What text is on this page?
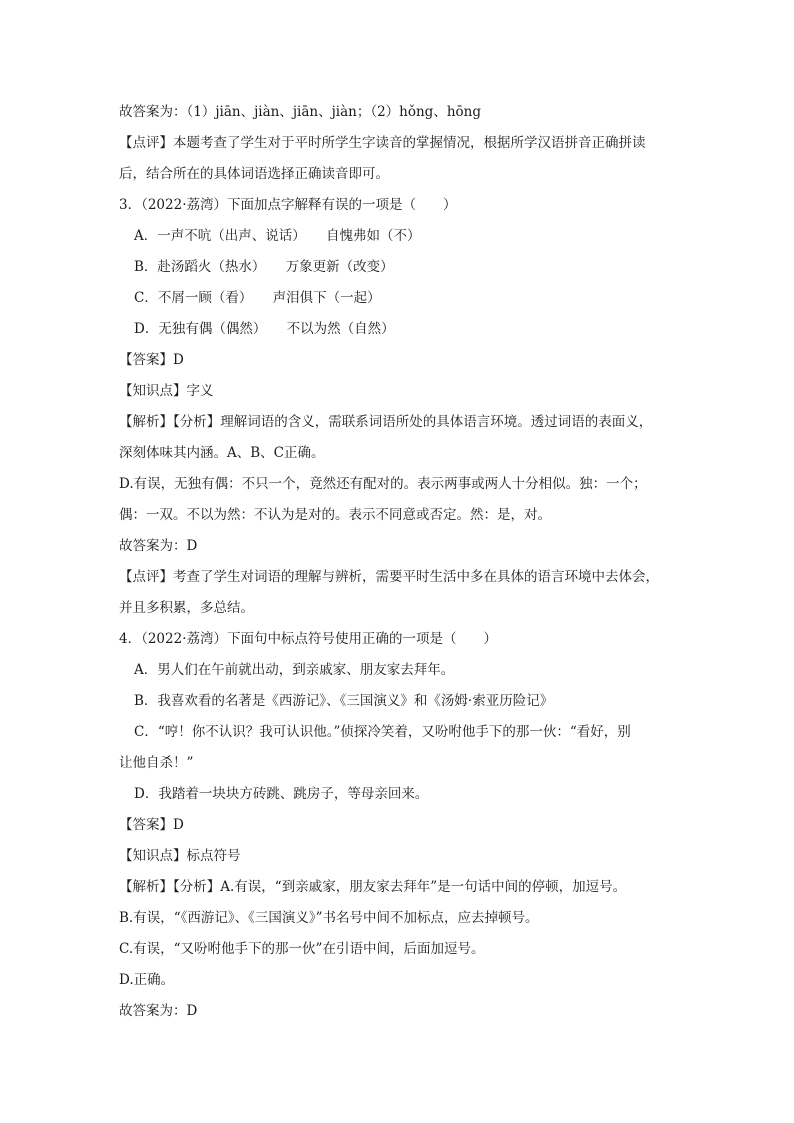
故答案为：（1）jiān、jiàn、jiān、jiàn；（2）hǒng、hōng
【点评】本题考查了学生对于平时所学生字读音的掌握情况，根据所学汉语拼音正确拼读
后，结合所在的具体词语选择正确读音即可。
3．（2022·荔湾）下面加点字解释有误的一项是（　　）
A．一声不吭（出声、说话）　　自愧弗如（不）
B．赴汤蹈火（热水）　　万象更新（改变）
C．不屑一顾（看）　　声泪俱下（一起）
D．无独有偶（偶然）　　不以为然（自然）
【答案】D
【知识点】字义
【解析】【分析】理解词语的含义，需联系词语所处的具体语言环境。透过词语的表面义，
深刻体味其内涵。A、B、C正确。
D.有误，无独有偶：不只一个，竟然还有配对的。表示两事或两人十分相似。独：一个；
偶：一双。不以为然：不认为是对的。表示不同意或否定。然：是，对。
故答案为：D
【点评】考查了学生对词语的理解与辨析，需要平时生活中多在具体的语言环境中去体会，
并且多积累，多总结。
4．（2022·荔湾）下面句中标点符号使用正确的一项是（　　）
A．男人们在午前就出动，到亲戚家、朋友家去拜年。
B．我喜欢看的名著是《西游记》、《三国演义》和《汤姆·索亚历险记》
C．“哼！你不认识？我可认识他。”侦探冷笑着，又吩咐他手下的那一伙：“看好，别
让他自杀！”
D．我踏着一块块方砖跳、跳房子，等母亲回来。
【答案】D
【知识点】标点符号
【解析】【分析】A.有误，“到亲戚家，朋友家去拜年”是一句话中间的停顿，加逗号。
B.有误，“《西游记》、《三国演义》”书名号中间不加标点，应去掉顿号。
C.有误，“又吩咐他手下的那一伙”在引语中间，后面加逗号。
D.正确。
故答案为：D
